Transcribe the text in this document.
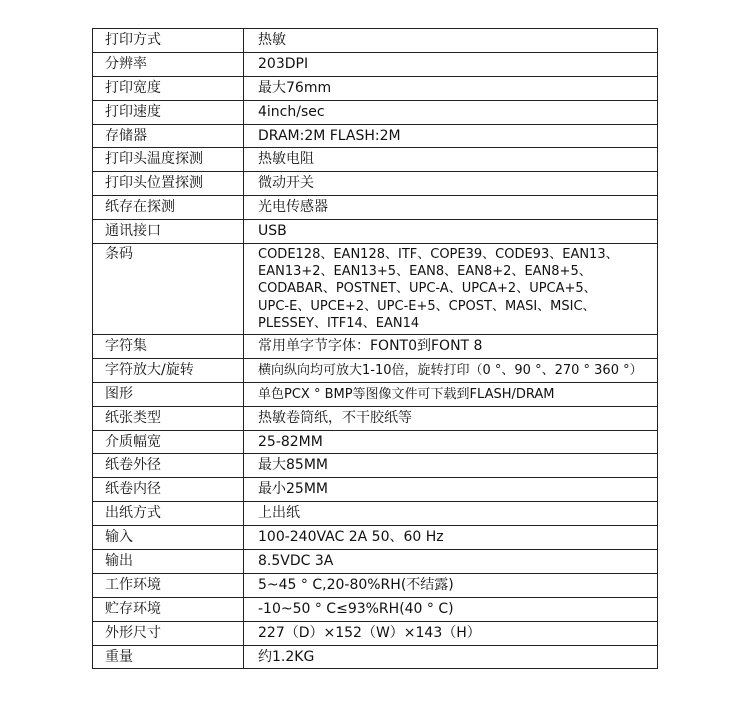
打印方式	热敏
分辨率	203DPI
打印宽度	最大76mm
打印速度	4inch/sec
存储器	DRAM:2M FLASH:2M
打印头温度探测	热敏电阻
打印头位置探测	微动开关
纸存在探测	光电传感器
通讯接口	USB
条码	CODE128、EAN128、ITF、COPE39、CODE93、EAN13、
EAN13+2、EAN13+5、EAN8、EAN8+2、EAN8+5、
CODABAR、POSTNET、UPC-A、UPCA+2、UPCA+5、
UPC-E、UPCE+2、UPC-E+5、CPOST、MASI、MSIC、
PLESSEY、ITF14、EAN14

字符集	常用单字节字体：FONT0到FONT 8
字符放大/旋转	横向纵向均可放大1-10倍，旋转打印（0 °、90 °、270 ° 360 °）
图形	单色PCX ° BMP等图像文件可下载到FLASH/DRAM
纸张类型	热敏卷筒纸，不干胶纸等
介质幅宽	25-82MM
纸卷外径	最大85MM
纸卷内径	最小25MM
出纸方式	上出纸
输入	100-240VAC 2A 50、60 Hz
输出	8.5VDC 3A
工作环境	5~45 ° C,20-80%RH(不结露)
贮存环境	-10~50 ° C≤93%RH(40 ° C)
外形尺寸	227（D）×152（W）×143（H）
重量	约1.2KG
